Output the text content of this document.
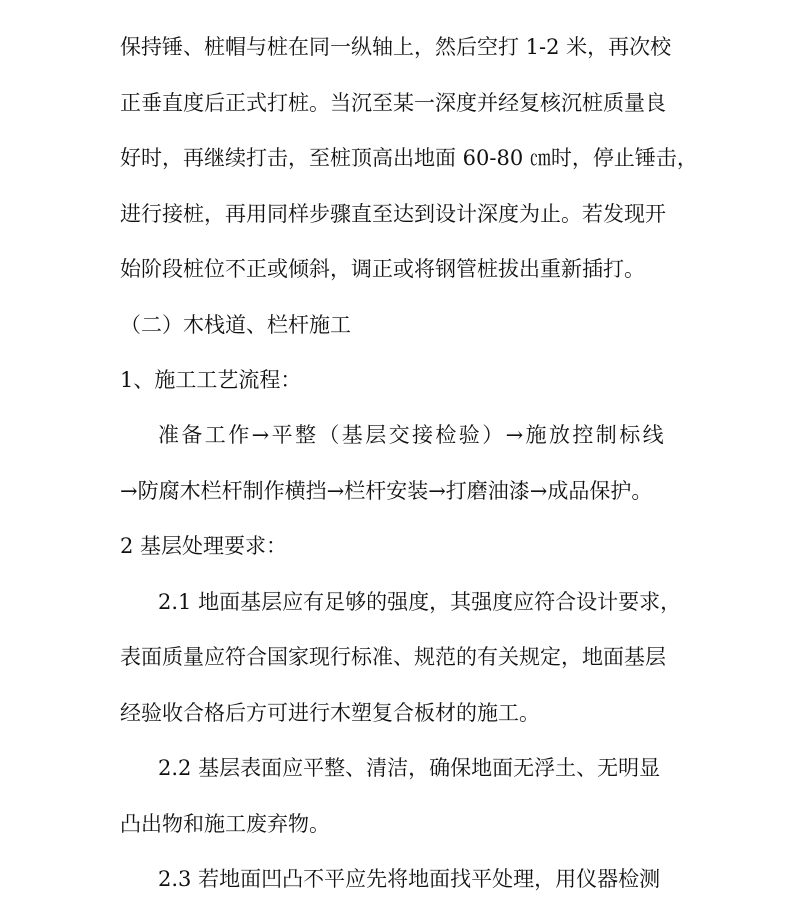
保持锤、桩帽与桩在同一纵轴上，然后空打 1-2 米，再次校
正垂直度后正式打桩。当沉至某一深度并经复核沉桩质量良
好时，再继续打击，至桩顶高出地面 60-80 ㎝时，停止锤击，
进行接桩，再用同样步骤直至达到设计深度为止。若发现开
始阶段桩位不正或倾斜，调正或将钢管桩拔出重新插打。
（二）木栈道、栏杆施工
1、施工工艺流程：
准备工作→平整（基层交接检验）→施放控制标线
→防腐木栏杆制作横挡→栏杆安装→打磨油漆→成品保护。
2 基层处理要求：
2.1 地面基层应有足够的强度，其强度应符合设计要求，
表面质量应符合国家现行标准、规范的有关规定，地面基层
经验收合格后方可进行木塑复合板材的施工。
2.2 基层表面应平整、清洁，确保地面无浮土、无明显
凸出物和施工废弃物。
2.3 若地面凹凸不平应先将地面找平处理，用仪器检测
